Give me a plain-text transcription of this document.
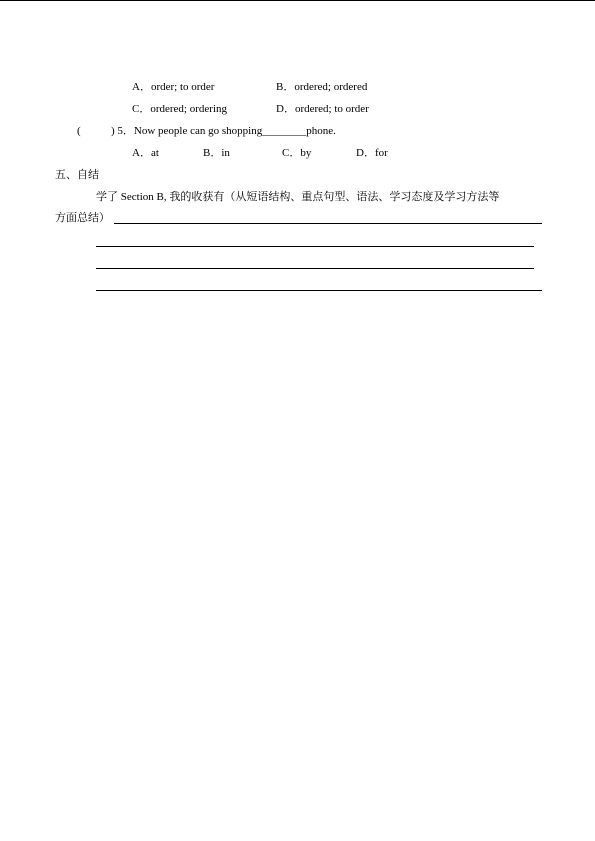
A．order; to order	B．ordered; ordered
C．ordered; ordering	D．ordered; to order
(	) 5．Now people can go shopping________phone.
A．at	B．in	C．by	D．for
五、自结
学了 Section B, 我的收获有（从短语结构、重点句型、语法、学习态度及学习方法等
方面总结）
